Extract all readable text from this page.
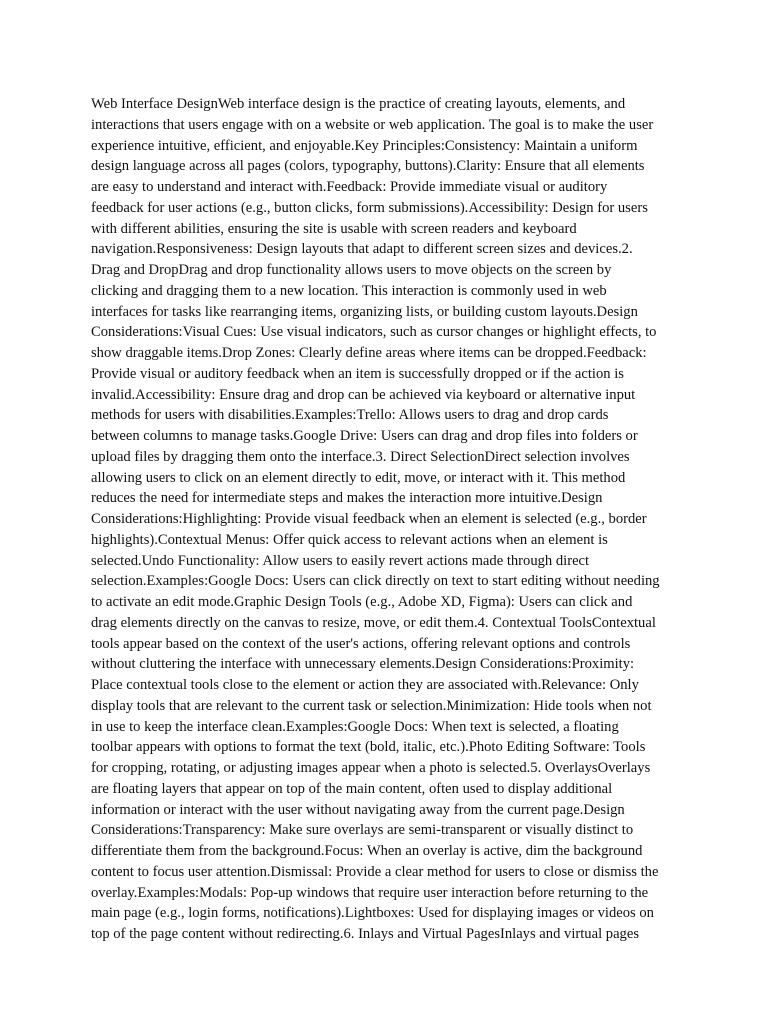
Web Interface DesignWeb interface design is the practice of creating layouts, elements, and
interactions that users engage with on a website or web application. The goal is to make the user
experience intuitive, efficient, and enjoyable.Key Principles:Consistency: Maintain a uniform
design language across all pages (colors, typography, buttons).Clarity: Ensure that all elements
are easy to understand and interact with.Feedback: Provide immediate visual or auditory
feedback for user actions (e.g., button clicks, form submissions).Accessibility: Design for users
with different abilities, ensuring the site is usable with screen readers and keyboard
navigation.Responsiveness: Design layouts that adapt to different screen sizes and devices.2.
Drag and DropDrag and drop functionality allows users to move objects on the screen by
clicking and dragging them to a new location. This interaction is commonly used in web
interfaces for tasks like rearranging items, organizing lists, or building custom layouts.Design
Considerations:Visual Cues: Use visual indicators, such as cursor changes or highlight effects, to
show draggable items.Drop Zones: Clearly define areas where items can be dropped.Feedback:
Provide visual or auditory feedback when an item is successfully dropped or if the action is
invalid.Accessibility: Ensure drag and drop can be achieved via keyboard or alternative input
methods for users with disabilities.Examples:Trello: Allows users to drag and drop cards
between columns to manage tasks.Google Drive: Users can drag and drop files into folders or
upload files by dragging them onto the interface.3. Direct SelectionDirect selection involves
allowing users to click on an element directly to edit, move, or interact with it. This method
reduces the need for intermediate steps and makes the interaction more intuitive.Design
Considerations:Highlighting: Provide visual feedback when an element is selected (e.g., border
highlights).Contextual Menus: Offer quick access to relevant actions when an element is
selected.Undo Functionality: Allow users to easily revert actions made through direct
selection.Examples:Google Docs: Users can click directly on text to start editing without needing
to activate an edit mode.Graphic Design Tools (e.g., Adobe XD, Figma): Users can click and
drag elements directly on the canvas to resize, move, or edit them.4. Contextual ToolsContextual
tools appear based on the context of the user's actions, offering relevant options and controls
without cluttering the interface with unnecessary elements.Design Considerations:Proximity:
Place contextual tools close to the element or action they are associated with.Relevance: Only
display tools that are relevant to the current task or selection.Minimization: Hide tools when not
in use to keep the interface clean.Examples:Google Docs: When text is selected, a floating
toolbar appears with options to format the text (bold, italic, etc.).Photo Editing Software: Tools
for cropping, rotating, or adjusting images appear when a photo is selected.5. OverlaysOverlays
are floating layers that appear on top of the main content, often used to display additional
information or interact with the user without navigating away from the current page.Design
Considerations:Transparency: Make sure overlays are semi-transparent or visually distinct to
differentiate them from the background.Focus: When an overlay is active, dim the background
content to focus user attention.Dismissal: Provide a clear method for users to close or dismiss the
overlay.Examples:Modals: Pop-up windows that require user interaction before returning to the
main page (e.g., login forms, notifications).Lightboxes: Used for displaying images or videos on
top of the page content without redirecting.6. Inlays and Virtual PagesInlays and virtual pages
